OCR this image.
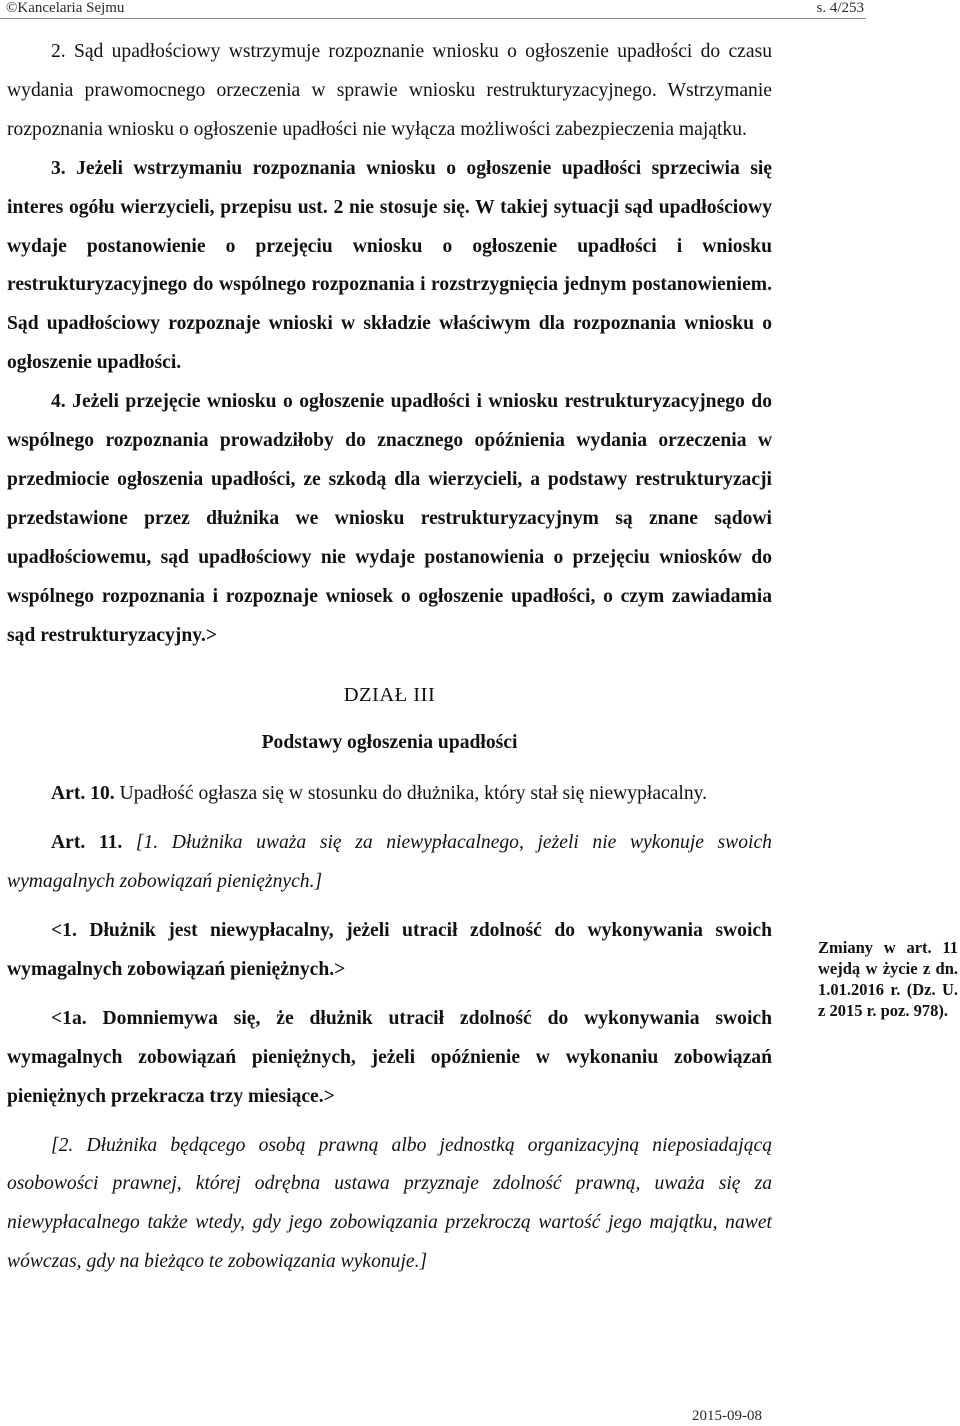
©Kancelaria Sejmu	s. 4/253

2. Sąd upadłościowy wstrzymuje rozpoznanie wniosku o ogłoszenie upadłości do czasu wydania prawomocnego orzeczenia w sprawie wniosku restrukturyzacyjnego. Wstrzymanie rozpoznania wniosku o ogłoszenie upadłości nie wyłącza możliwości zabezpieczenia majątku.

3. Jeżeli wstrzymaniu rozpoznania wniosku o ogłoszenie upadłości sprzeciwia się interes ogółu wierzycieli, przepisu ust. 2 nie stosuje się. W takiej sytuacji sąd upadłościowy wydaje postanowienie o przejęciu wniosku o ogłoszenie upadłości i wniosku restrukturyzacyjnego do wspólnego rozpoznania i rozstrzygnięcia jednym postanowieniem. Sąd upadłościowy rozpoznaje wnioski w składzie właściwym dla rozpoznania wniosku o ogłoszenie upadłości.

4. Jeżeli przejęcie wniosku o ogłoszenie upadłości i wniosku restrukturyzacyjnego do wspólnego rozpoznania prowadziłoby do znacznego opóźnienia wydania orzeczenia w przedmiocie ogłoszenia upadłości, ze szkodą dla wierzycieli, a podstawy restrukturyzacji przedstawione przez dłużnika we wniosku restrukturyzacyjnym są znane sądowi upadłościowemu, sąd upadłościowy nie wydaje postanowienia o przejęciu wniosków do wspólnego rozpoznania i rozpoznaje wniosek o ogłoszenie upadłości, o czym zawiadamia sąd restrukturyzacyjny.>

DZIAŁ III

Podstawy ogłoszenia upadłości

Art. 10. Upadłość ogłasza się w stosunku do dłużnika, który stał się niewypłacalny.

Art. 11. [1. Dłużnika uważa się za niewypłacalnego, jeżeli nie wykonuje swoich wymagalnych zobowiązań pieniężnych.]

<1. Dłużnik jest niewypłacalny, jeżeli utracił zdolność do wykonywania swoich wymagalnych zobowiązań pieniężnych.>

<1a. Domniemywa się, że dłużnik utracił zdolność do wykonywania swoich wymagalnych zobowiązań pieniężnych, jeżeli opóźnienie w wykonaniu zobowiązań pieniężnych przekracza trzy miesiące.>

[2. Dłużnika będącego osobą prawną albo jednostką organizacyjną nieposiadającą osobowości prawnej, której odrębna ustawa przyznaje zdolność prawną, uważa się za niewypłacalnego także wtedy, gdy jego zobowiązania przekroczą wartość jego majątku, nawet wówczas, gdy na bieżąco te zobowiązania wykonuje.]

Zmiany w art. 11 wejdą w życie z dn. 1.01.2016 r. (Dz. U. z 2015 r. poz. 978).
2015-09-08
